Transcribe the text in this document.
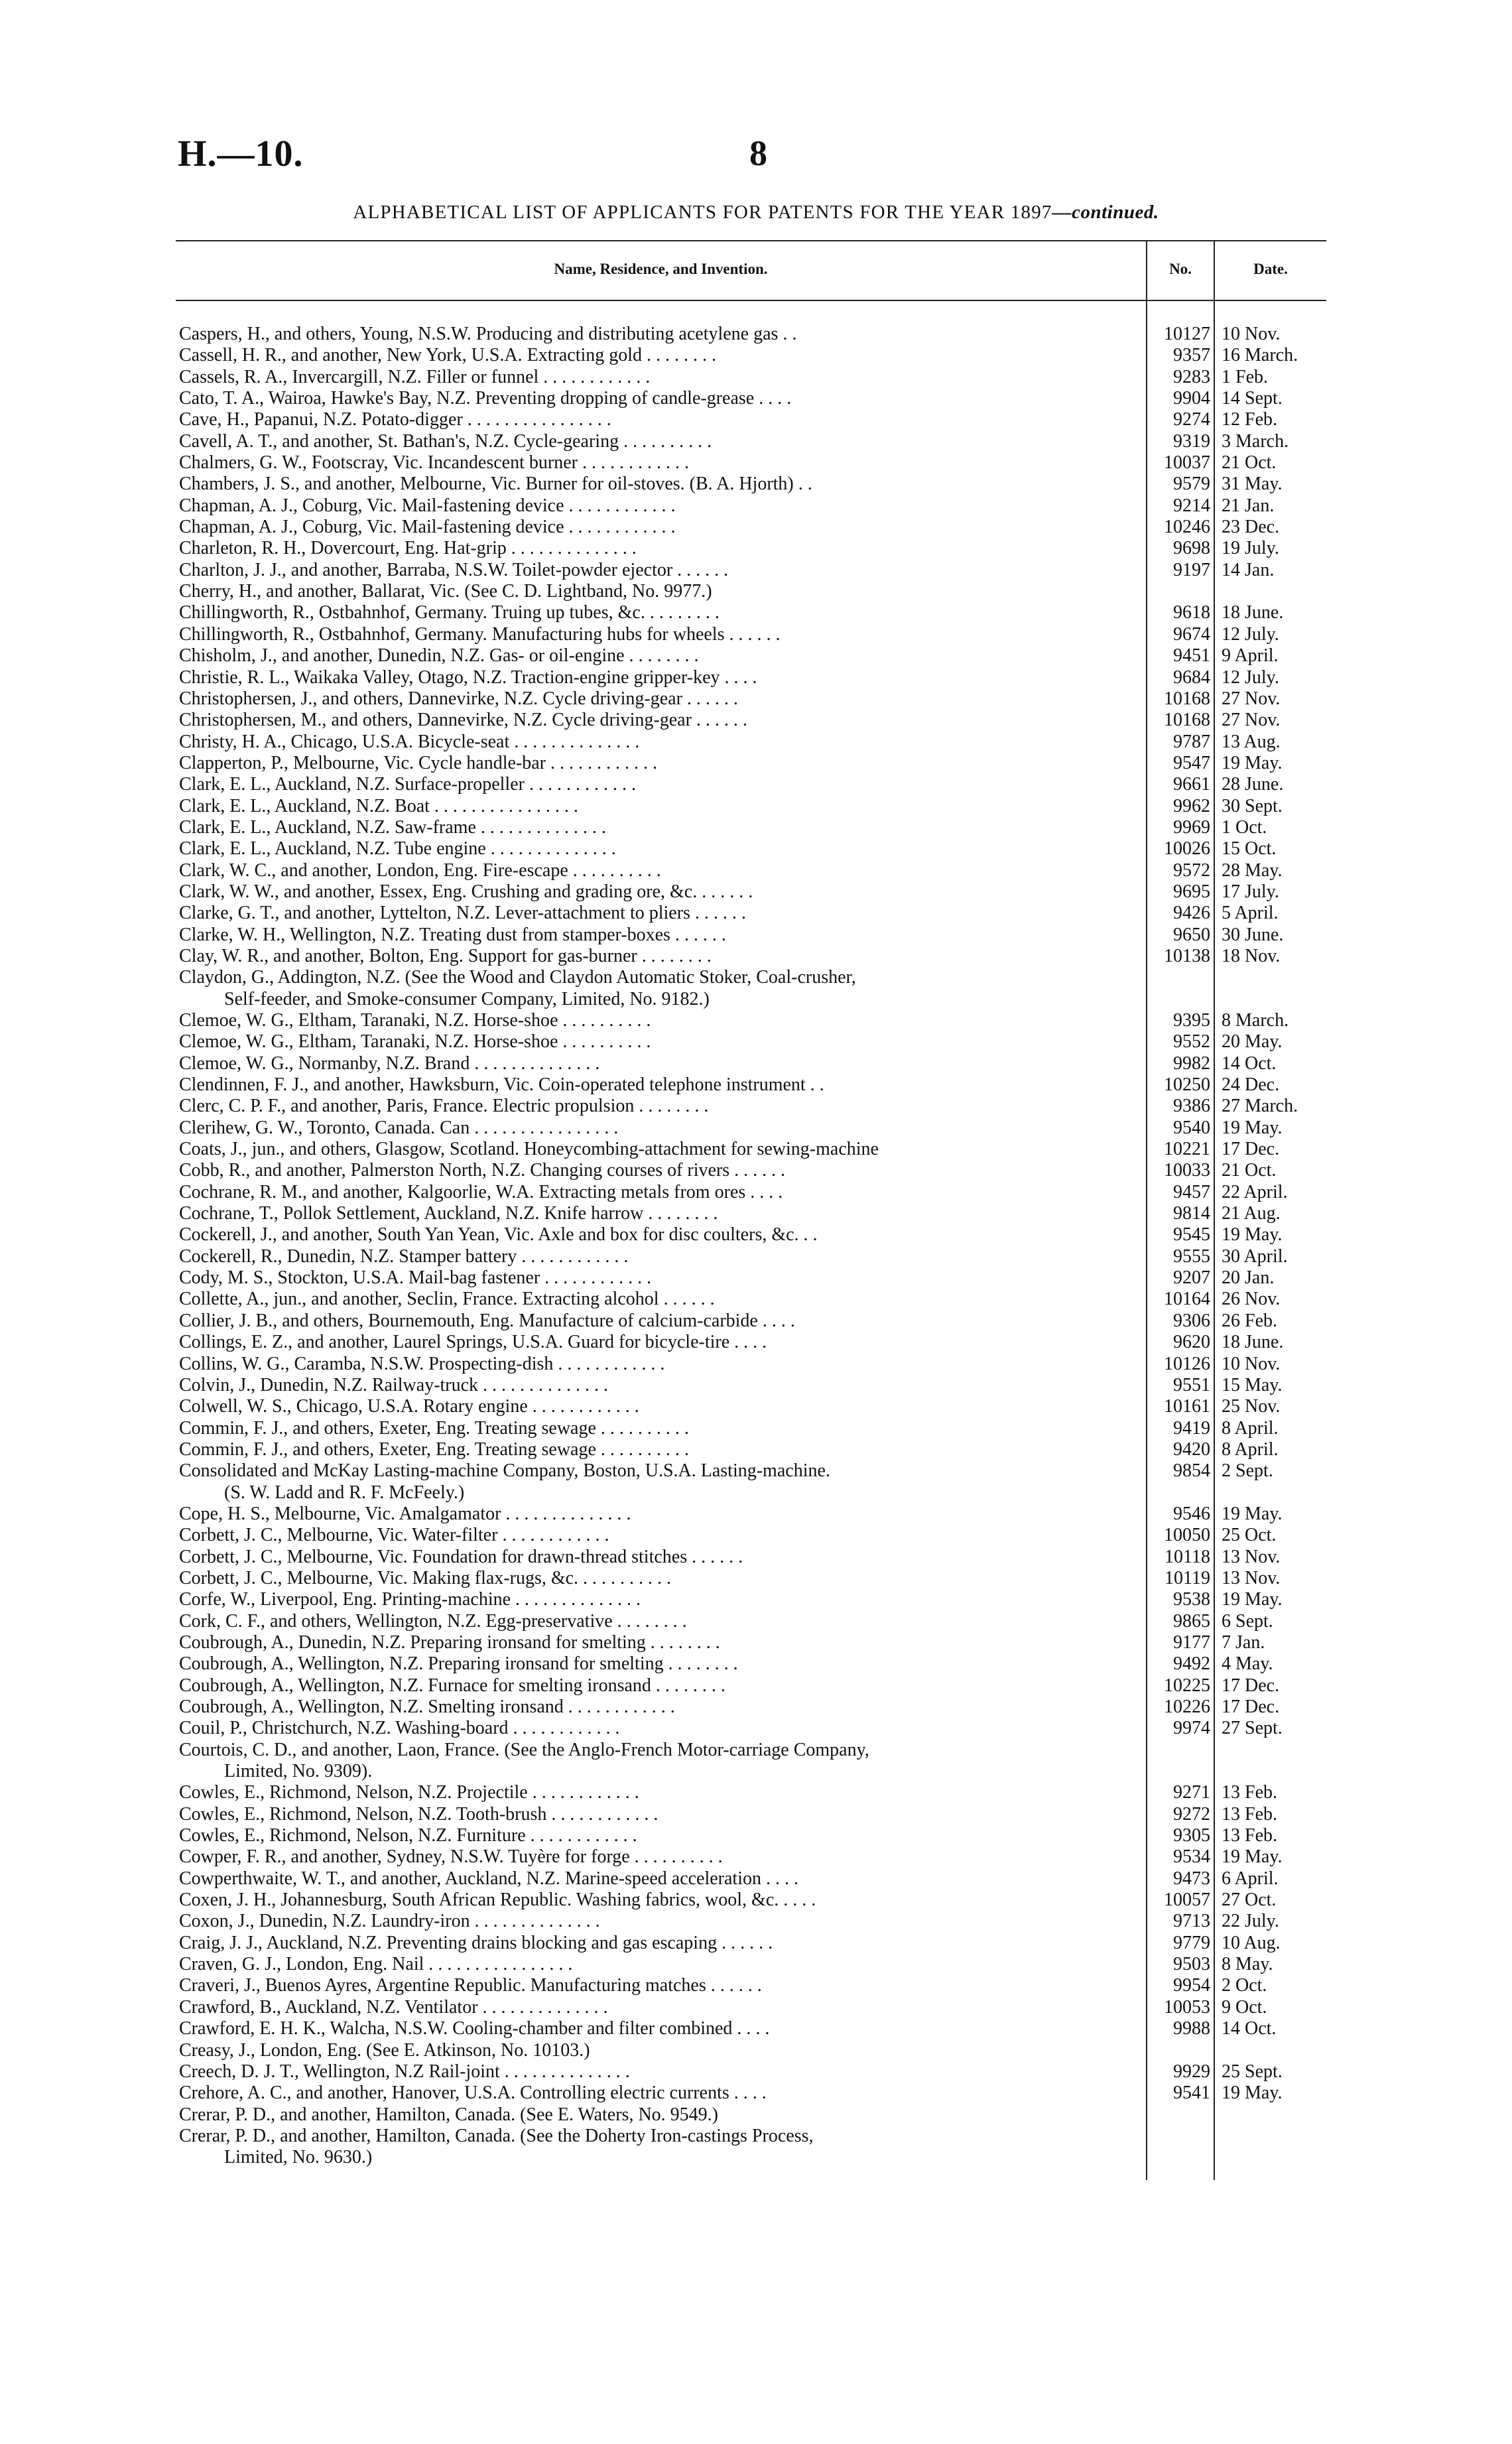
H.—10.	8
ALPHABETICAL LIST OF APPLICANTS FOR PATENTS FOR THE YEAR 1897—continued.
Name, Residence, and Invention.	No.	Date.
Caspers, H., and others, Young, N.S.W. Producing and distributing acetylene gas . .	10127 10 Nov.
Cassell, H. R., and another, New York, U.S.A. Extracting gold . . . . . . . .	9357 16 March.
Cassels, R. A., Invercargill, N.Z. Filler or funnel . . . . . . . . . . . .	9283 1 Feb.
Cato, T. A., Wairoa, Hawke's Bay, N.Z. Preventing dropping of candle-grease . . . .	9904 14 Sept.
Cave, H., Papanui, N.Z. Potato-digger . . . . . . . . . . . . . . . .	9274 12 Feb.
Cavell, A. T., and another, St. Bathan's, N.Z. Cycle-gearing . . . . . . . . . .	9319 3 March.
Chalmers, G. W., Footscray, Vic. Incandescent burner . . . . . . . . . . . .	10037 21 Oct.
Chambers, J. S., and another, Melbourne, Vic. Burner for oil-stoves. (B. A. Hjorth) . .	9579 31 May.
Chapman, A. J., Coburg, Vic. Mail-fastening device . . . . . . . . . . . .	9214 21 Jan.
Chapman, A. J., Coburg, Vic. Mail-fastening device . . . . . . . . . . . .	10246 23 Dec.
Charleton, R. H., Dovercourt, Eng. Hat-grip . . . . . . . . . . . . . .	9698 19 July.
Charlton, J. J., and another, Barraba, N.S.W. Toilet-powder ejector . . . . . .	9197 14 Jan.
Cherry, H., and another, Ballarat, Vic. (See C. D. Lightband, No. 9977.)
Chillingworth, R., Ostbahnhof, Germany. Truing up tubes, &c. . . . . . . . .	9618 18 June.
Chillingworth, R., Ostbahnhof, Germany. Manufacturing hubs for wheels . . . . . .	9674 12 July.
Chisholm, J., and another, Dunedin, N.Z. Gas- or oil-engine . . . . . . . .	9451 9 April.
Christie, R. L., Waikaka Valley, Otago, N.Z. Traction-engine gripper-key . . . .	9684 12 July.
Christophersen, J., and others, Dannevirke, N.Z. Cycle driving-gear . . . . . .	10168 27 Nov.
Christophersen, M., and others, Dannevirke, N.Z. Cycle driving-gear . . . . . .	10168 27 Nov.
Christy, H. A., Chicago, U.S.A. Bicycle-seat . . . . . . . . . . . . . .	9787 13 Aug.
Clapperton, P., Melbourne, Vic. Cycle handle-bar . . . . . . . . . . . .	9547 19 May.
Clark, E. L., Auckland, N.Z. Surface-propeller . . . . . . . . . . . .	9661 28 June.
Clark, E. L., Auckland, N.Z. Boat . . . . . . . . . . . . . . . .	9962 30 Sept.
Clark, E. L., Auckland, N.Z. Saw-frame . . . . . . . . . . . . . .	9969 1 Oct.
Clark, E. L., Auckland, N.Z. Tube engine . . . . . . . . . . . . . .	10026 15 Oct.
Clark, W. C., and another, London, Eng. Fire-escape . . . . . . . . . .	9572 28 May.
Clark, W. W., and another, Essex, Eng. Crushing and grading ore, &c. . . . . . .	9695 17 July.
Clarke, G. T., and another, Lyttelton, N.Z. Lever-attachment to pliers . . . . . .	9426 5 April.
Clarke, W. H., Wellington, N.Z. Treating dust from stamper-boxes . . . . . .	9650 30 June.
Clay, W. R., and another, Bolton, Eng. Support for gas-burner . . . . . . . .	10138 18 Nov.
Claydon, G., Addington, N.Z. (See the Wood and Claydon Automatic Stoker, Coal-crusher,
Self-feeder, and Smoke-consumer Company, Limited, No. 9182.)
Clemoe, W. G., Eltham, Taranaki, N.Z. Horse-shoe . . . . . . . . . .	9395 8 March.
Clemoe, W. G., Eltham, Taranaki, N.Z. Horse-shoe . . . . . . . . . .	9552 20 May.
Clemoe, W. G., Normanby, N.Z. Brand . . . . . . . . . . . . . .	9982 14 Oct.
Clendinnen, F. J., and another, Hawksburn, Vic. Coin-operated telephone instrument . .	10250 24 Dec.
Clerc, C. P. F., and another, Paris, France. Electric propulsion . . . . . . . .	9386 27 March.
Clerihew, G. W., Toronto, Canada. Can . . . . . . . . . . . . . . . .	9540 19 May.
Coats, J., jun., and others, Glasgow, Scotland. Honeycombing-attachment for sewing-machine	10221 17 Dec.
Cobb, R., and another, Palmerston North, N.Z. Changing courses of rivers . . . . . .	10033 21 Oct.
Cochrane, R. M., and another, Kalgoorlie, W.A. Extracting metals from ores . . . .	9457 22 April.
Cochrane, T., Pollok Settlement, Auckland, N.Z. Knife harrow . . . . . . . .	9814 21 Aug.
Cockerell, J., and another, South Yan Yean, Vic. Axle and box for disc coulters, &c. . .	9545 19 May.
Cockerell, R., Dunedin, N.Z. Stamper battery . . . . . . . . . . . .	9555 30 April.
Cody, M. S., Stockton, U.S.A. Mail-bag fastener . . . . . . . . . . . .	9207 20 Jan.
Collette, A., jun., and another, Seclin, France. Extracting alcohol . . . . . .	10164 26 Nov.
Collier, J. B., and others, Bournemouth, Eng. Manufacture of calcium-carbide . . . .	9306 26 Feb.
Collings, E. Z., and another, Laurel Springs, U.S.A. Guard for bicycle-tire . . . .	9620 18 June.
Collins, W. G., Caramba, N.S.W. Prospecting-dish . . . . . . . . . . . .	10126 10 Nov.
Colvin, J., Dunedin, N.Z. Railway-truck . . . . . . . . . . . . . .	9551 15 May.
Colwell, W. S., Chicago, U.S.A. Rotary engine . . . . . . . . . . . .	10161 25 Nov.
Commin, F. J., and others, Exeter, Eng. Treating sewage . . . . . . . . . .	9419 8 April.
Commin, F. J., and others, Exeter, Eng. Treating sewage . . . . . . . . . .	9420 8 April.
Consolidated and McKay Lasting-machine Company, Boston, U.S.A. Lasting-machine.	9854 2 Sept.
(S. W. Ladd and R. F. McFeely.)
Cope, H. S., Melbourne, Vic. Amalgamator . . . . . . . . . . . . . .	9546 19 May.
Corbett, J. C., Melbourne, Vic. Water-filter . . . . . . . . . . . .	10050 25 Oct.
Corbett, J. C., Melbourne, Vic. Foundation for drawn-thread stitches . . . . . .	10118 13 Nov.
Corbett, J. C., Melbourne, Vic. Making flax-rugs, &c. . . . . . . . . . .	10119 13 Nov.
Corfe, W., Liverpool, Eng. Printing-machine . . . . . . . . . . . . . .	9538 19 May.
Cork, C. F., and others, Wellington, N.Z. Egg-preservative . . . . . . . .	9865 6 Sept.
Coubrough, A., Dunedin, N.Z. Preparing ironsand for smelting . . . . . . . .	9177 7 Jan.
Coubrough, A., Wellington, N.Z. Preparing ironsand for smelting . . . . . . . .	9492 4 May.
Coubrough, A., Wellington, N.Z. Furnace for smelting ironsand . . . . . . . .	10225 17 Dec.
Coubrough, A., Wellington, N.Z. Smelting ironsand . . . . . . . . . . . .	10226 17 Dec.
Couil, P., Christchurch, N.Z. Washing-board . . . . . . . . . . . .	9974 27 Sept.
Courtois, C. D., and another, Laon, France. (See the Anglo-French Motor-carriage Company,
Limited, No. 9309).
Cowles, E., Richmond, Nelson, N.Z. Projectile . . . . . . . . . . . .	9271 13 Feb.
Cowles, E., Richmond, Nelson, N.Z. Tooth-brush . . . . . . . . . . . .	9272 13 Feb.
Cowles, E., Richmond, Nelson, N.Z. Furniture . . . . . . . . . . . .	9305 13 Feb.
Cowper, F. R., and another, Sydney, N.S.W. Tuyère for forge . . . . . . . . . .	9534 19 May.
Cowperthwaite, W. T., and another, Auckland, N.Z. Marine-speed acceleration . . . .	9473 6 April.
Coxen, J. H., Johannesburg, South African Republic. Washing fabrics, wool, &c. . . . .	10057 27 Oct.
Coxon, J., Dunedin, N.Z. Laundry-iron . . . . . . . . . . . . . .	9713 22 July.
Craig, J. J., Auckland, N.Z. Preventing drains blocking and gas escaping . . . . . .	9779 10 Aug.
Craven, G. J., London, Eng. Nail . . . . . . . . . . . . . . . .	9503 8 May.
Craveri, J., Buenos Ayres, Argentine Republic. Manufacturing matches . . . . . .	9954 2 Oct.
Crawford, B., Auckland, N.Z. Ventilator . . . . . . . . . . . . . .	10053 9 Oct.
Crawford, E. H. K., Walcha, N.S.W. Cooling-chamber and filter combined . . . .	9988 14 Oct.
Creasy, J., London, Eng. (See E. Atkinson, No. 10103.)
Creech, D. J. T., Wellington, N.Z Rail-joint . . . . . . . . . . . . . .	9929 25 Sept.
Crehore, A. C., and another, Hanover, U.S.A. Controlling electric currents . . . .	9541 19 May.
Crerar, P. D., and another, Hamilton, Canada. (See E. Waters, No. 9549.)
Crerar, P. D., and another, Hamilton, Canada. (See the Doherty Iron-castings Process,
Limited, No. 9630.)
